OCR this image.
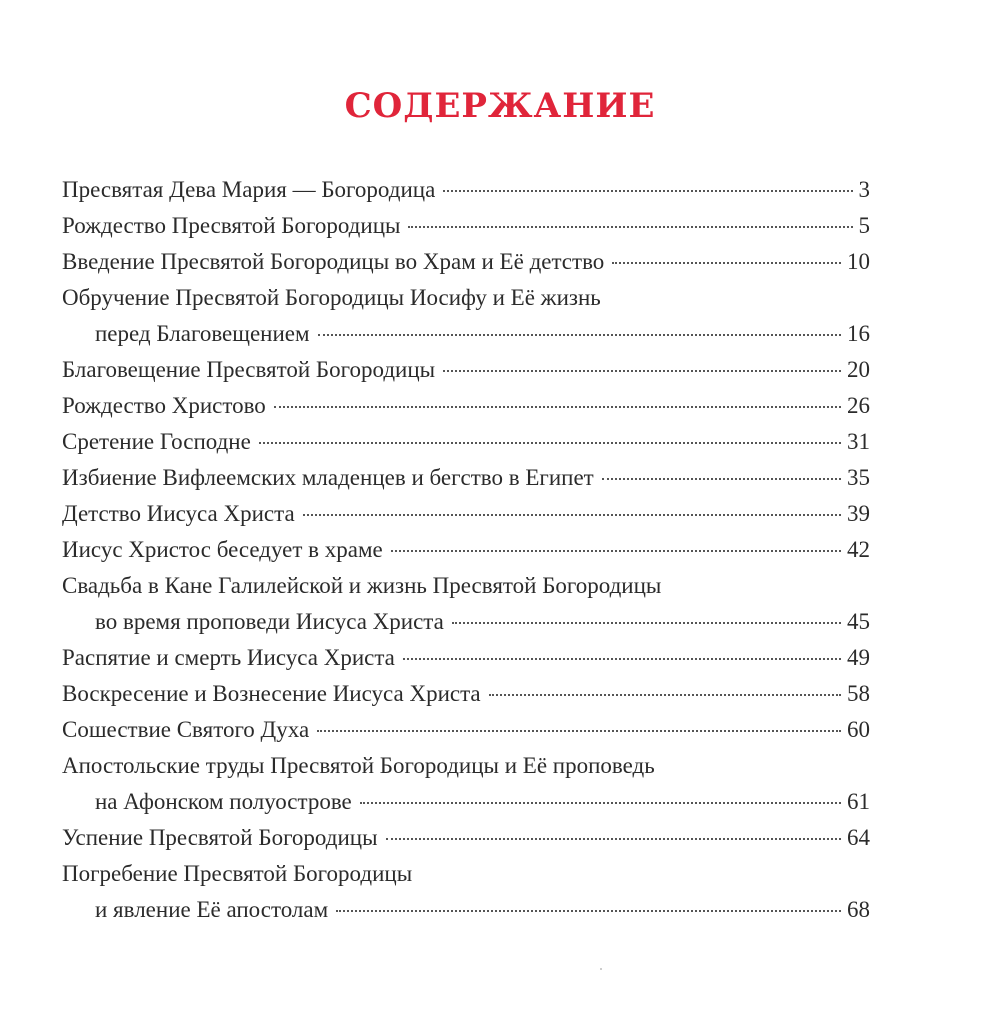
СОДЕРЖАНИЕ
Пресвятая Дева Мария — Богородица	3
Рождество Пресвятой Богородицы	5
Введение Пресвятой Богородицы во Храм и Её детство	10
Обручение Пресвятой Богородицы Иосифу и Её жизнь
перед Благовещением	16
Благовещение Пресвятой Богородицы	20
Рождество Христово	26
Сретение Господне	31
Избиение Вифлеемских младенцев и бегство в Египет	35
Детство Иисуса Христа	39
Иисус Христос беседует в храме	42
Свадьба в Кане Галилейской и жизнь Пресвятой Богородицы
во время проповеди Иисуса Христа	45
Распятие и смерть Иисуса Христа	49
Воскресение и Вознесение Иисуса Христа	58
Сошествие Святого Духа	60
Апостольские труды Пресвятой Богородицы и Её проповедь
на Афонском полуострове	61
Успение Пресвятой Богородицы	64
Погребение Пресвятой Богородицы
и явление Её апостолам	68
